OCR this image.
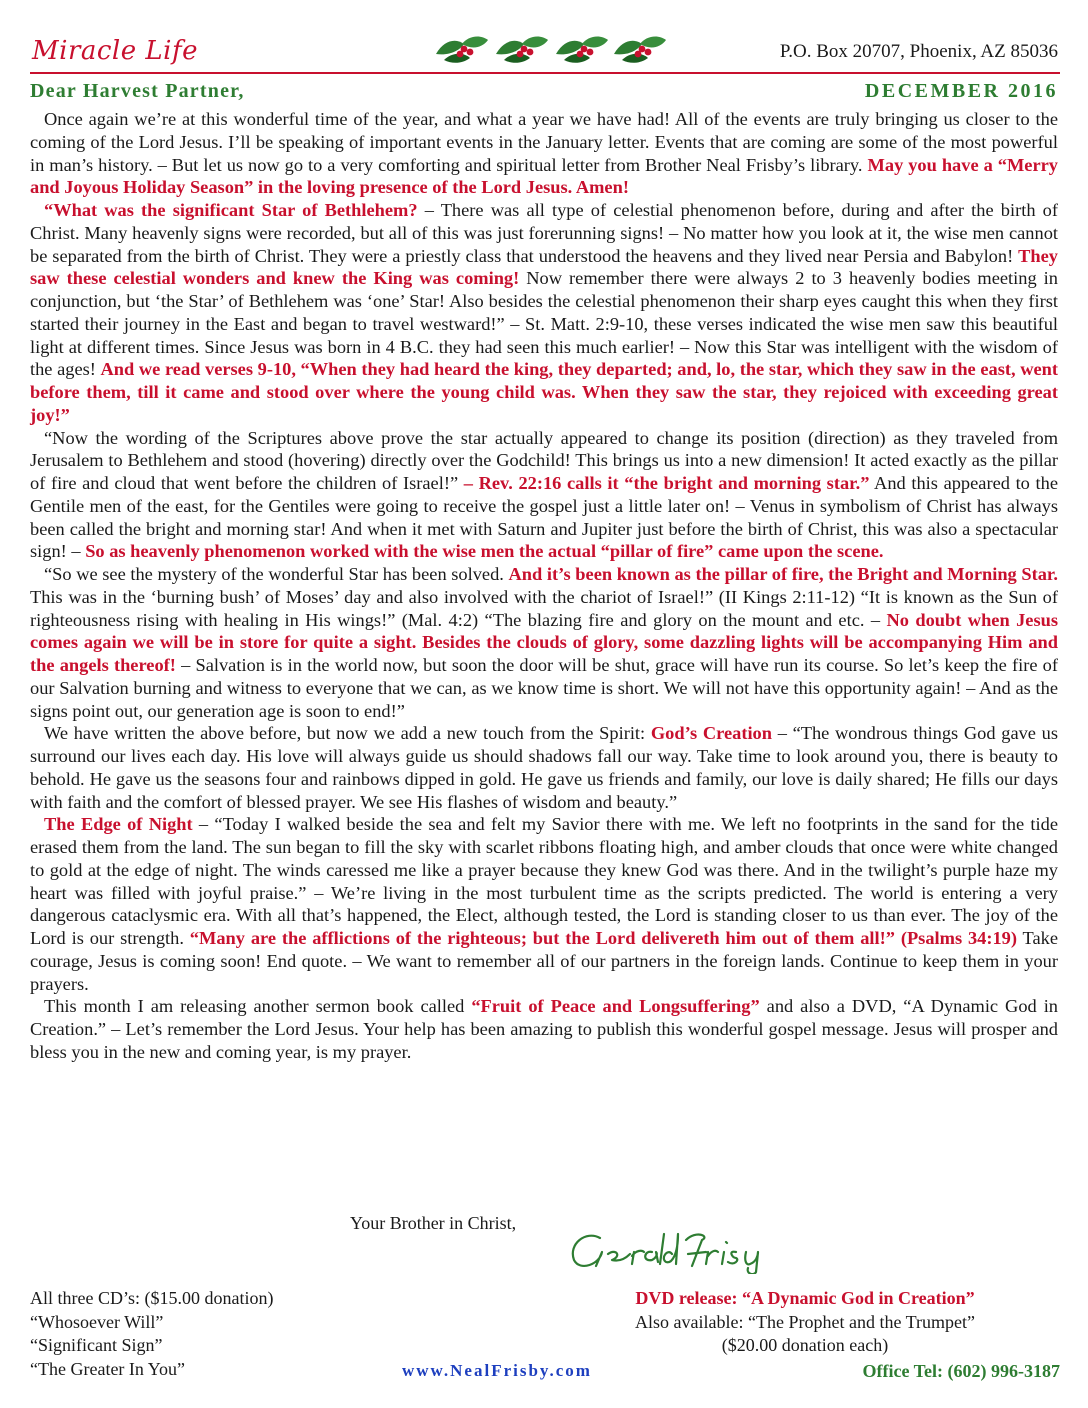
Miracle Life	P.O. Box 20707, Phoenix, AZ 85036
Dear Harvest Partner,	DECEMBER 2016

Once again we’re at this wonderful time of the year, and what a year we have had! All of the events are truly bringing us closer to the coming of the Lord Jesus. I’ll be speaking of important events in the January letter. Events that are coming are some of the most powerful in man’s history. – But let us now go to a very comforting and spiritual letter from Brother Neal Frisby’s library. May you have a “Merry and Joyous Holiday Season” in the loving presence of the Lord Jesus. Amen!

“What was the significant Star of Bethlehem? – There was all type of celestial phenomenon before, during and after the birth of Christ. Many heavenly signs were recorded, but all of this was just forerunning signs! – No matter how you look at it, the wise men cannot be separated from the birth of Christ. They were a priestly class that understood the heavens and they lived near Persia and Babylon! They saw these celestial wonders and knew the King was coming! Now remember there were always 2 to 3 heavenly bodies meeting in conjunction, but ‘the Star’ of Bethlehem was ‘one’ Star! Also besides the celestial phenomenon their sharp eyes caught this when they first started their journey in the East and began to travel westward!” – St. Matt. 2:9-10, these verses indicated the wise men saw this beautiful light at different times. Since Jesus was born in 4 B.C. they had seen this much earlier! – Now this Star was intelligent with the wisdom of the ages! And we read verses 9-10, “When they had heard the king, they departed; and, lo, the star, which they saw in the east, went before them, till it came and stood over where the young child was. When they saw the star, they rejoiced with exceeding great joy!”

“Now the wording of the Scriptures above prove the star actually appeared to change its position (direction) as they traveled from Jerusalem to Bethlehem and stood (hovering) directly over the Godchild! This brings us into a new dimension! It acted exactly as the pillar of fire and cloud that went before the children of Israel!” – Rev. 22:16 calls it “the bright and morning star.” And this appeared to the Gentile men of the east, for the Gentiles were going to receive the gospel just a little later on! – Venus in symbolism of Christ has always been called the bright and morning star! And when it met with Saturn and Jupiter just before the birth of Christ, this was also a spectacular sign! – So as heavenly phenomenon worked with the wise men the actual “pillar of fire” came upon the scene.

“So we see the mystery of the wonderful Star has been solved. And it’s been known as the pillar of fire, the Bright and Morning Star. This was in the ‘burning bush’ of Moses’ day and also involved with the chariot of Israel!” (II Kings 2:11-12) “It is known as the Sun of righteousness rising with healing in His wings!” (Mal. 4:2) “The blazing fire and glory on the mount and etc. – No doubt when Jesus comes again we will be in store for quite a sight. Besides the clouds of glory, some dazzling lights will be accompanying Him and the angels thereof! – Salvation is in the world now, but soon the door will be shut, grace will have run its course. So let’s keep the fire of our Salvation burning and witness to everyone that we can, as we know time is short. We will not have this opportunity again! – And as the signs point out, our generation age is soon to end!”

We have written the above before, but now we add a new touch from the Spirit: God’s Creation – “The wondrous things God gave us surround our lives each day. His love will always guide us should shadows fall our way. Take time to look around you, there is beauty to behold. He gave us the seasons four and rainbows dipped in gold. He gave us friends and family, our love is daily shared; He fills our days with faith and the comfort of blessed prayer. We see His flashes of wisdom and beauty.”

The Edge of Night – “Today I walked beside the sea and felt my Savior there with me. We left no footprints in the sand for the tide erased them from the land. The sun began to fill the sky with scarlet ribbons floating high, and amber clouds that once were white changed to gold at the edge of night. The winds caressed me like a prayer because they knew God was there. And in the twilight’s purple haze my heart was filled with joyful praise.” – We’re living in the most turbulent time as the scripts predicted. The world is entering a very dangerous cataclysmic era. With all that’s happened, the Elect, although tested, the Lord is standing closer to us than ever. The joy of the Lord is our strength. “Many are the afflictions of the righteous; but the Lord delivereth him out of them all!” (Psalms 34:19) Take courage, Jesus is coming soon! End quote. – We want to remember all of our partners in the foreign lands. Continue to keep them in your prayers.

This month I am releasing another sermon book called “Fruit of Peace and Longsuffering” and also a DVD, “A Dynamic God in Creation.” – Let’s remember the Lord Jesus. Your help has been amazing to publish this wonderful gospel message. Jesus will prosper and bless you in the new and coming year, is my prayer.

Your Brother in Christ,
All three CD’s: ($15.00 donation)
“Whosoever Will”
“Significant Sign”
“The Greater In You”
DVD release: “A Dynamic God in Creation”
Also available: “The Prophet and the Trumpet”
($20.00 donation each)
www.NealFrisby.com	Office Tel: (602) 996-3187
